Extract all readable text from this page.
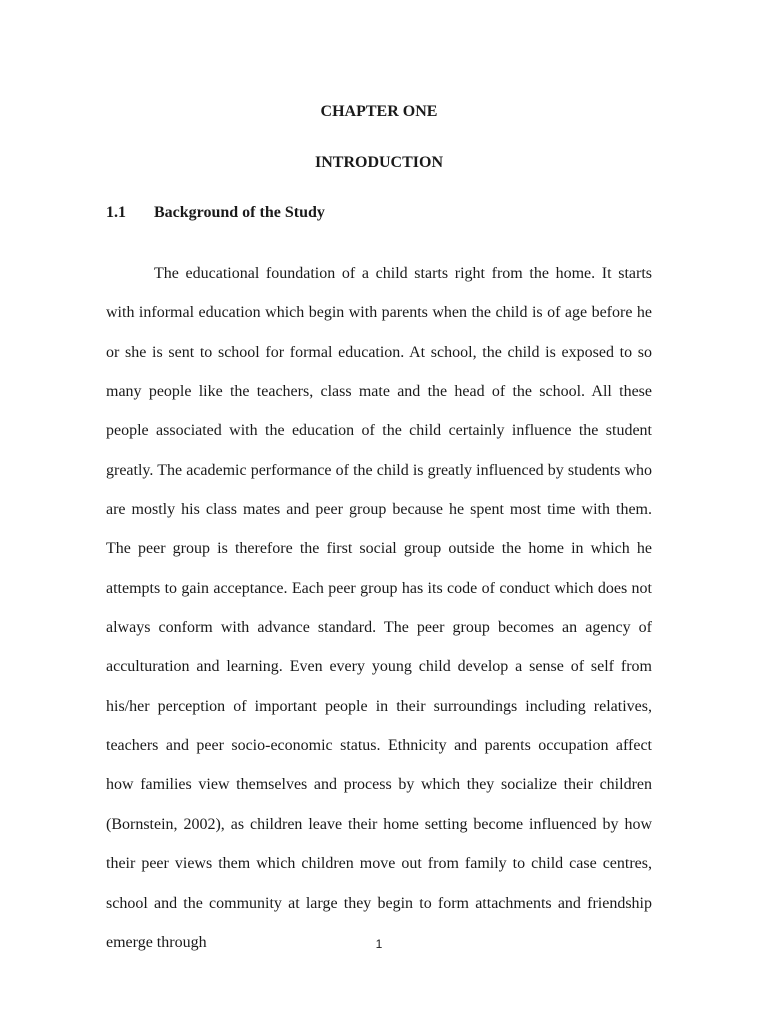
CHAPTER ONE
INTRODUCTION
1.1 Background of the Study

The educational foundation of a child starts right from the home. It starts with informal education which begin with parents when the child is of age before he or she is sent to school for formal education. At school, the child is exposed to so many people like the teachers, class mate and the head of the school. All these people associated with the education of the child certainly influence the student greatly. The academic performance of the child is greatly influenced by students who are mostly his class mates and peer group because he spent most time with them. The peer group is therefore the first social group outside the home in which he attempts to gain acceptance. Each peer group has its code of conduct which does not always conform with advance standard. The peer group becomes an agency of acculturation and learning. Even every young child develop a sense of self from his/her perception of important people in their surroundings including relatives, teachers and peer socio-economic status. Ethnicity and parents occupation affect how families view themselves and process by which they socialize their children (Bornstein, 2002), as children leave their home setting become influenced by how their peer views them which children move out from family to child case centres, school and the community at large they begin to form attachments and friendship emerge through	1
